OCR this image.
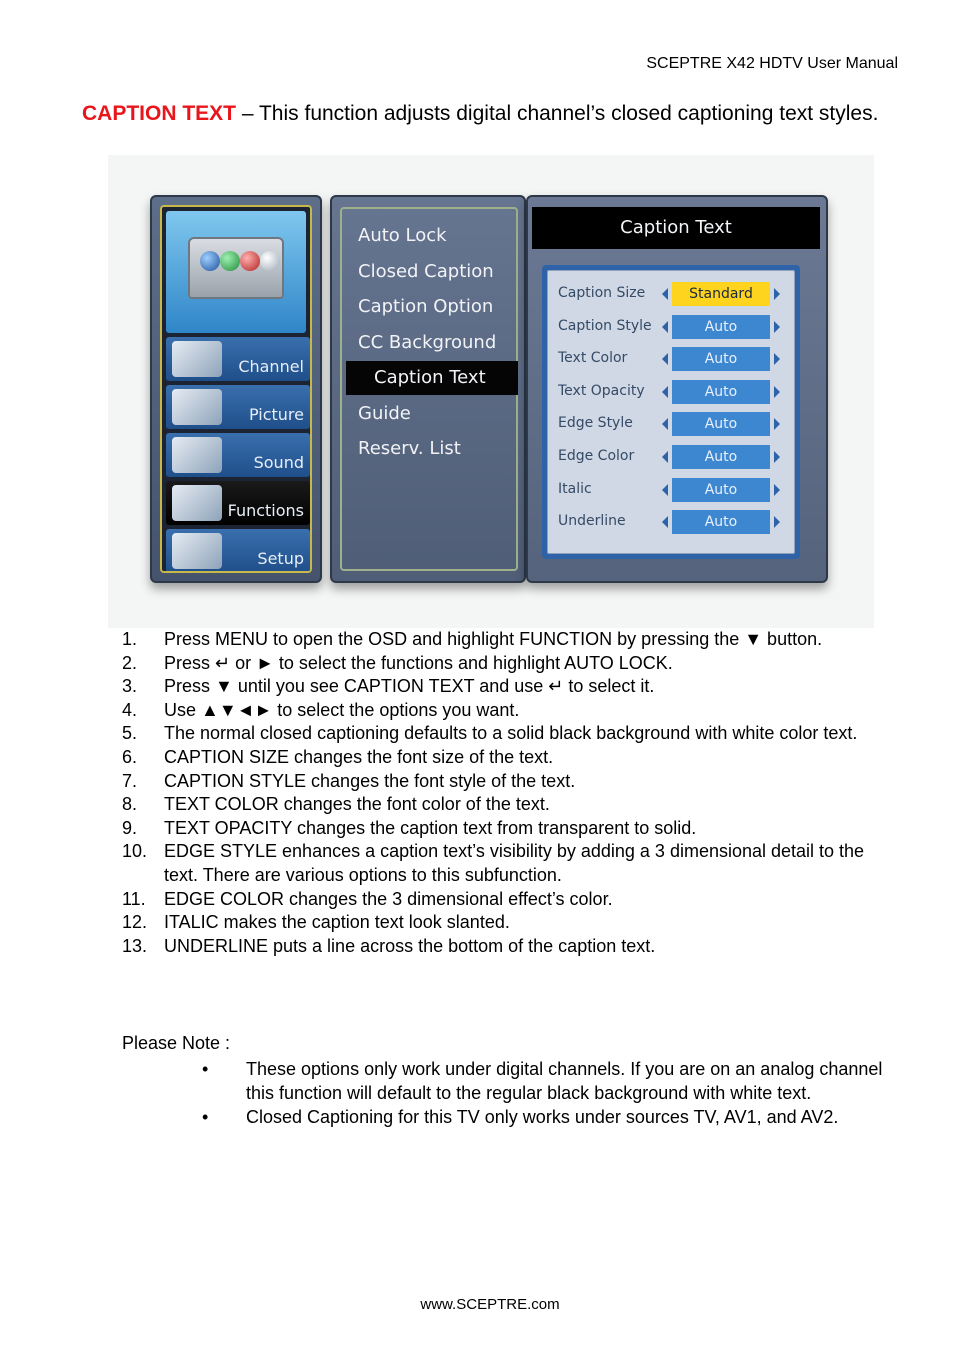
SCEPTRE X42 HDTV User Manual
CAPTION TEXT – This function adjusts digital channel’s closed captioning text styles.
Channel
Picture
Sound
Functions
Setup
Auto Lock
Closed Caption
Caption Option
CC Background
Caption Text
Guide
Reserv. List
Caption Text
Caption Size	Standard
Caption Style	Auto
Text Color	Auto
Text Opacity	Auto
Edge Style	Auto
Edge Color	Auto
Italic	Auto
Underline	Auto
1. Press MENU to open the OSD and highlight FUNCTION by pressing the ▼ button.
2. Press ↵ or ► to select the functions and highlight AUTO LOCK.
3. Press ▼ until you see CAPTION TEXT and use ↵ to select it.
4. Use ▲▼◄► to select the options you want.
5. The normal closed captioning defaults to a solid black background with white color text.
6. CAPTION SIZE changes the font size of the text.
7. CAPTION STYLE changes the font style of the text.
8. TEXT COLOR changes the font color of the text.
9. TEXT OPACITY changes the caption text from transparent to solid.
10. EDGE STYLE enhances a caption text’s visibility by adding a 3 dimensional detail to the text. There are various options to this subfunction.
11. EDGE COLOR changes the 3 dimensional effect’s color.
12. ITALIC makes the caption text look slanted.
13. UNDERLINE puts a line across the bottom of the caption text.
Please Note :
• These options only work under digital channels. If you are on an analog channel this function will default to the regular black background with white text.
• Closed Captioning for this TV only works under sources TV, AV1, and AV2.
www.SCEPTRE.com
